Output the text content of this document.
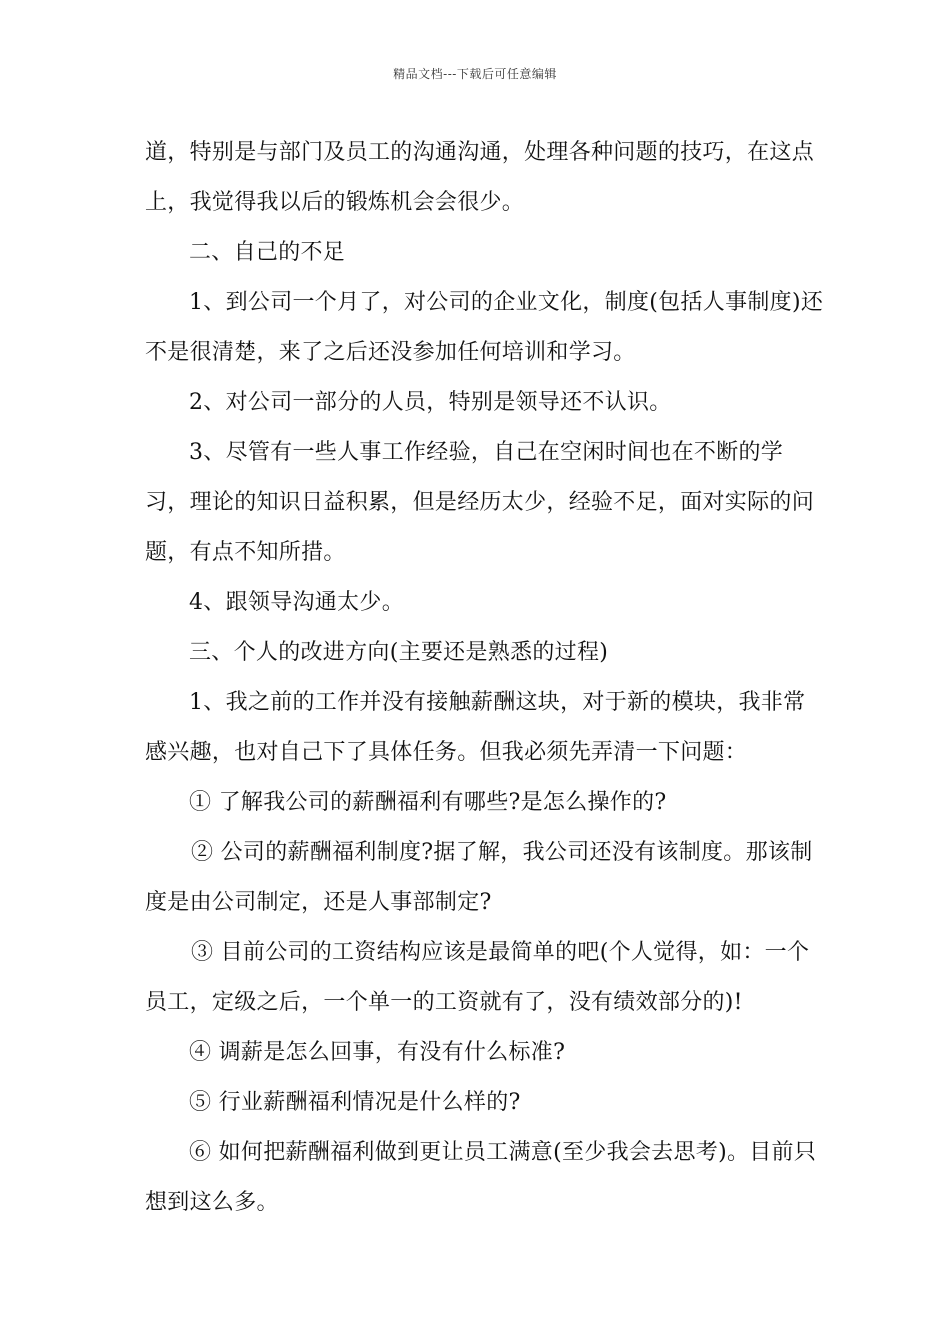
精品文档---下载后可任意编辑

道，特别是与部门及员工的沟通沟通，处理各种问题的技巧，在这点上，我觉得我以后的锻炼机会会很少。

二、自己的不足

1、到公司一个月了，对公司的企业文化，制度(包括人事制度)还不是很清楚，来了之后还没参加任何培训和学习。

2、对公司一部分的人员，特别是领导还不认识。

3、尽管有一些人事工作经验，自己在空闲时间也在不断的学习，理论的知识日益积累，但是经历太少，经验不足，面对实际的问题，有点不知所措。

4、跟领导沟通太少。

三、个人的改进方向(主要还是熟悉的过程)

1、我之前的工作并没有接触薪酬这块，对于新的模块，我非常感兴趣，也对自己下了具体任务。但我必须先弄清一下问题：

① 了解我公司的薪酬福利有哪些?是怎么操作的?

② 公司的薪酬福利制度?据了解，我公司还没有该制度。那该制度是由公司制定，还是人事部制定?

③ 目前公司的工资结构应该是最简单的吧(个人觉得，如：一个员工，定级之后，一个单一的工资就有了，没有绩效部分的)!

④ 调薪是怎么回事，有没有什么标准?

⑤ 行业薪酬福利情况是什么样的?

⑥ 如何把薪酬福利做到更让员工满意(至少我会去思考)。目前只想到这么多。
